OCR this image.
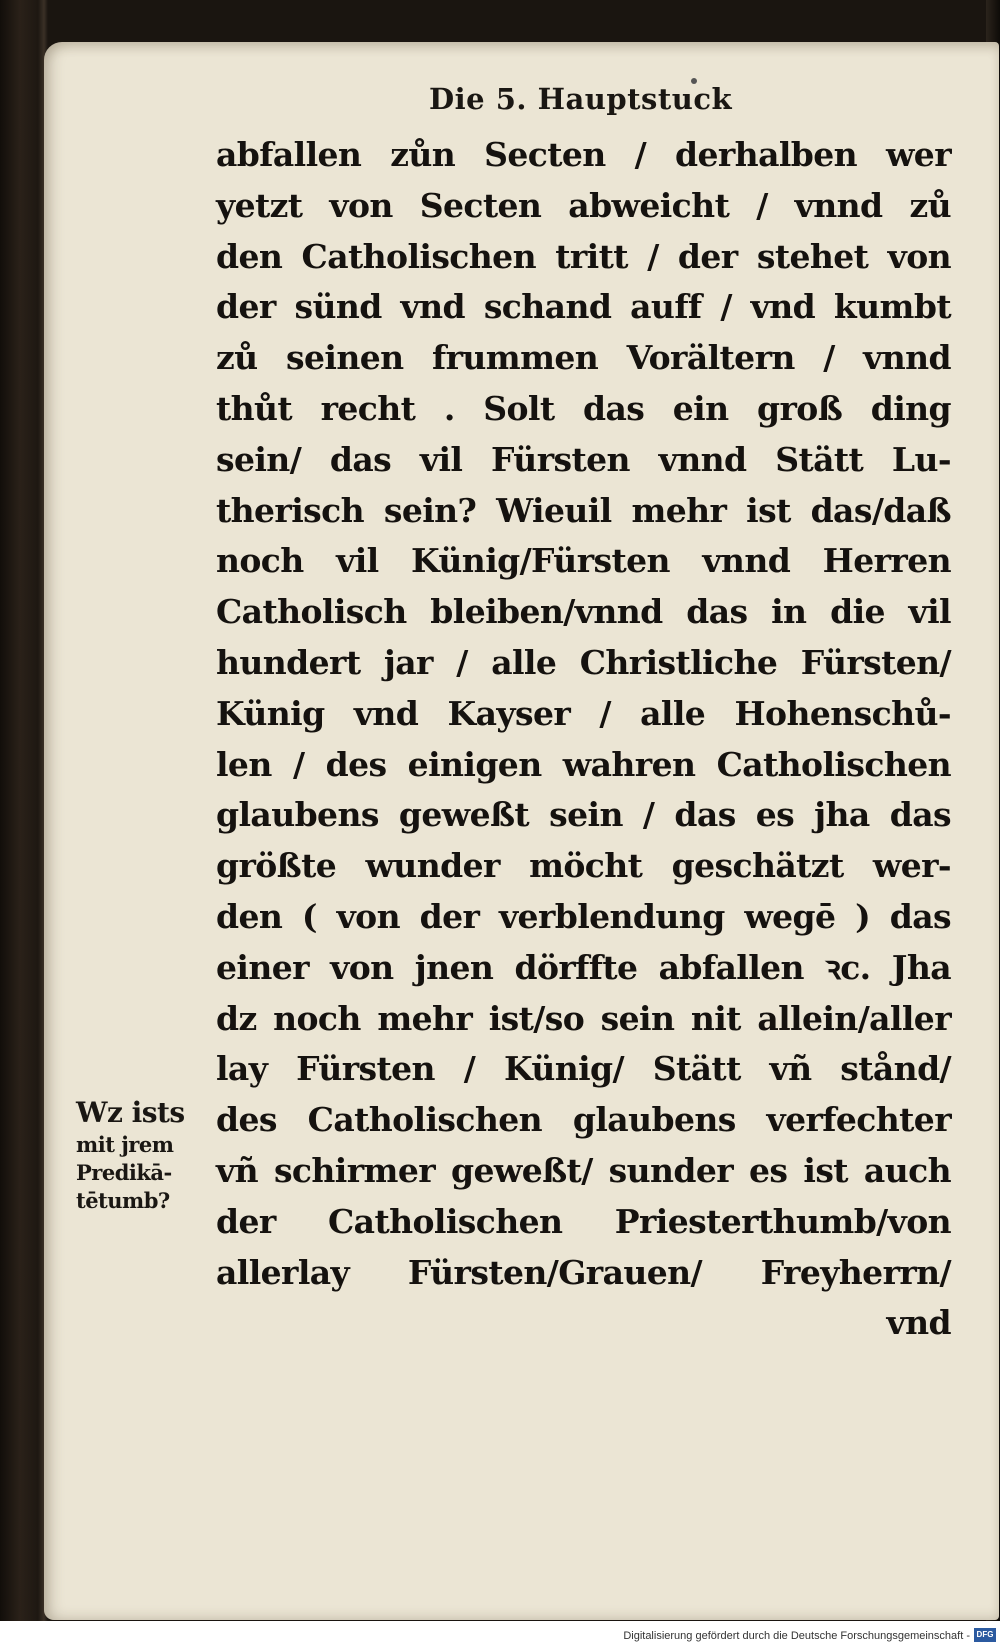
Die 5. Hauptstuck
abfallen zůn Secten / derhalben wer
yetzt von Secten abweicht / vnnd zů
den Catholischen tritt / der stehet von
der sünd vnd schand auff / vnd kumbt
zů seinen frummen Vorältern / vnnd
thůt recht . Solt das ein groß ding
sein/ das vil Fürsten vnnd Stätt Lu-
therisch sein? Wieuil mehr ist das/daß
noch vil Künig/Fürsten vnnd Herren
Catholisch bleiben/vnnd das in die vil
hundert jar / alle Christliche Fürsten/
Künig vnd Kayser / alle Hohenschů-
len / des einigen wahren Catholischen
glaubens geweßt sein / das es jha das
größte wunder möcht geschätzt wer-
den ( von der verblendung wegē ) das
einer von jnen dörffte abfallen ꝛc. Jha
dz noch mehr ist/so sein nit allein/aller
lay Fürsten / Künig/ Stätt vñ stånd/
des Catholischen glaubens verfechter
vñ schirmer geweßt/ sunder es ist auch
der Catholischen Priesterthumb/von
allerlay Fürsten/Grauen/ Freyherrn/
vnd
Wz ists
mit jrem
Predikā-
tētumb?
Digitalisierung gefördert durch die Deutsche Forschungsgemeinschaft - DFG
